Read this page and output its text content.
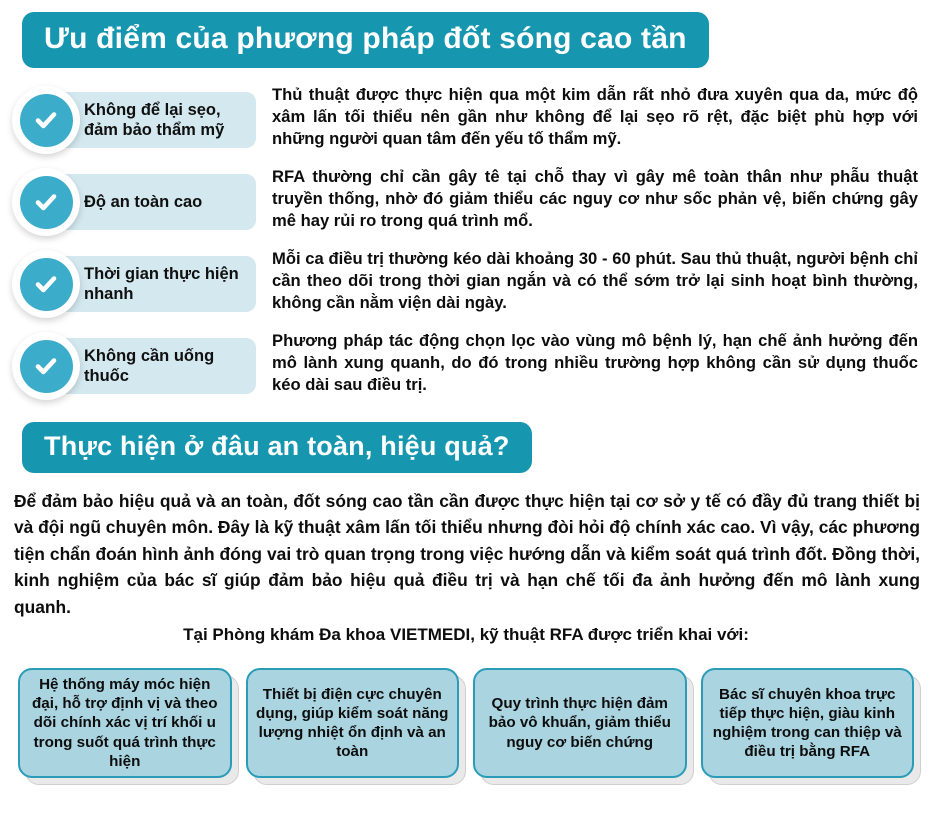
Ưu điểm của phương pháp đốt sóng cao tần
Không để lại sẹo, đảm bảo thẩm mỹ
Thủ thuật được thực hiện qua một kim dẫn rất nhỏ đưa xuyên qua da, mức độ xâm lấn tối thiểu nên gần như không để lại sẹo rõ rệt, đặc biệt phù hợp với những người quan tâm đến yếu tố thẩm mỹ.
Độ an toàn cao
RFA thường chỉ cần gây tê tại chỗ thay vì gây mê toàn thân như phẫu thuật truyền thống, nhờ đó giảm thiểu các nguy cơ như sốc phản vệ, biến chứng gây mê hay rủi ro trong quá trình mổ.
Thời gian thực hiện nhanh
Mỗi ca điều trị thường kéo dài khoảng 30 - 60 phút. Sau thủ thuật, người bệnh chỉ cần theo dõi trong thời gian ngắn và có thể sớm trở lại sinh hoạt bình thường, không cần nằm viện dài ngày.
Không cần uống thuốc
Phương pháp tác động chọn lọc vào vùng mô bệnh lý, hạn chế ảnh hưởng đến mô lành xung quanh, do đó trong nhiều trường hợp không cần sử dụng thuốc kéo dài sau điều trị.
Thực hiện ở đâu an toàn, hiệu quả?
Để đảm bảo hiệu quả và an toàn, đốt sóng cao tần cần được thực hiện tại cơ sở y tế có đầy đủ trang thiết bị và đội ngũ chuyên môn. Đây là kỹ thuật xâm lấn tối thiểu nhưng đòi hỏi độ chính xác cao. Vì vậy, các phương tiện chẩn đoán hình ảnh đóng vai trò quan trọng trong việc hướng dẫn và kiểm soát quá trình đốt. Đồng thời, kinh nghiệm của bác sĩ giúp đảm bảo hiệu quả điều trị và hạn chế tối đa ảnh hưởng đến mô lành xung quanh.
Tại Phòng khám Đa khoa VIETMEDI, kỹ thuật RFA được triển khai với:
Hệ thống máy móc hiện đại, hỗ trợ định vị và theo dõi chính xác vị trí khối u trong suốt quá trình thực hiện
Thiết bị điện cực chuyên dụng, giúp kiểm soát năng lượng nhiệt ổn định và an toàn
Quy trình thực hiện đảm bảo vô khuẩn, giảm thiểu nguy cơ biến chứng
Bác sĩ chuyên khoa trực tiếp thực hiện, giàu kinh nghiệm trong can thiệp và điều trị bằng RFA
